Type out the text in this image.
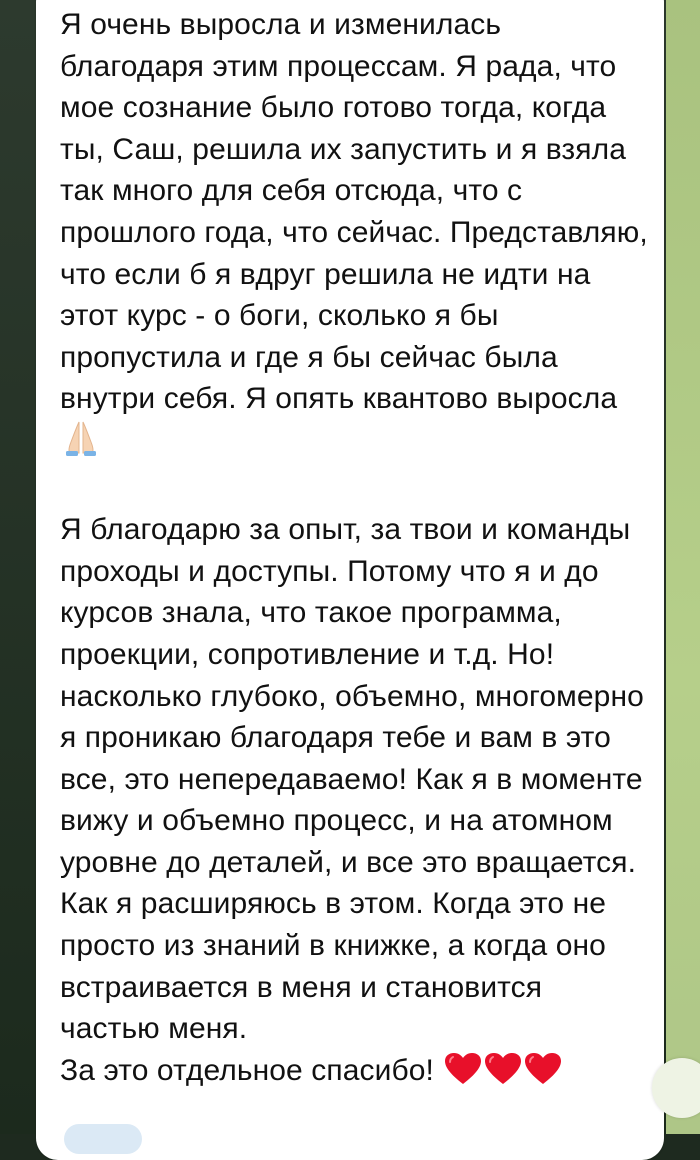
Я очень выросла и изменилась благодаря этим процессам. Я рада, что мое сознание было готово тогда, когда ты, Саш, решила их запустить и я взяла так много для себя отсюда, что с прошлого года, что сейчас. Представляю, что если б я вдруг решила не идти на этот курс - о боги, сколько я бы пропустила и где я бы сейчас была внутри себя. Я опять квантово выросла

Я благодарю за опыт, за твои и команды проходы и доступы. Потому что я и до курсов знала, что такое программа, проекции, сопротивление и т.д. Но! насколько глубоко, объемно, многомерно я проникаю благодаря тебе и вам в это все, это непередаваемо! Как я в моменте вижу и объемно процесс, и на атомном уровне до деталей, и все это вращается. Как я расширяюсь в этом. Когда это не просто из знаний в книжке, а когда оно встраивается в меня и становится частью меня.

За это отдельное спасибо!
